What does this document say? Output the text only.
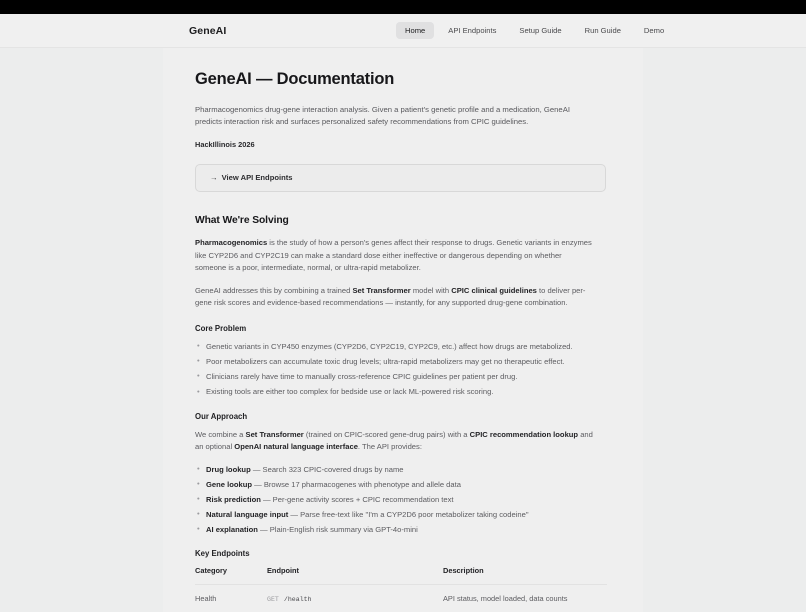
GeneAI	Home	API Endpoints	Setup Guide	Run Guide	Demo
GeneAI — Documentation

Pharmacogenomics drug-gene interaction analysis. Given a patient's genetic profile and a medication, GeneAI predicts interaction risk and surfaces personalized safety recommendations from CPIC guidelines.

HackIllinois 2026
→ View API Endpoints
What We're Solving

Pharmacogenomics is the study of how a person's genes affect their response to drugs. Genetic variants in enzymes like CYP2D6 and CYP2C19 can make a standard dose either ineffective or dangerous depending on whether someone is a poor, intermediate, normal, or ultra-rapid metabolizer.

GeneAI addresses this by combining a trained Set Transformer model with CPIC clinical guidelines to deliver per-gene risk scores and evidence-based recommendations — instantly, for any supported drug-gene combination.

Core Problem
• Genetic variants in CYP450 enzymes (CYP2D6, CYP2C19, CYP2C9, etc.) affect how drugs are metabolized.
• Poor metabolizers can accumulate toxic drug levels; ultra-rapid metabolizers may get no therapeutic effect.
• Clinicians rarely have time to manually cross-reference CPIC guidelines per patient per drug.
• Existing tools are either too complex for bedside use or lack ML-powered risk scoring.
Our Approach

We combine a Set Transformer (trained on CPIC-scored gene-drug pairs) with a CPIC recommendation lookup and an optional OpenAI natural language interface. The API provides:

• Drug lookup — Search 323 CPIC-covered drugs by name
• Gene lookup — Browse 17 pharmacogenes with phenotype and allele data
• Risk prediction — Per-gene activity scores + CPIC recommendation text
• Natural language input — Parse free-text like "I'm a CYP2D6 poor metabolizer taking codeine"
• AI explanation — Plain-English risk summary via GPT-4o-mini
Key Endpoints
Category	Endpoint	Description
Health	GET /health	API status, model loaded, data counts
